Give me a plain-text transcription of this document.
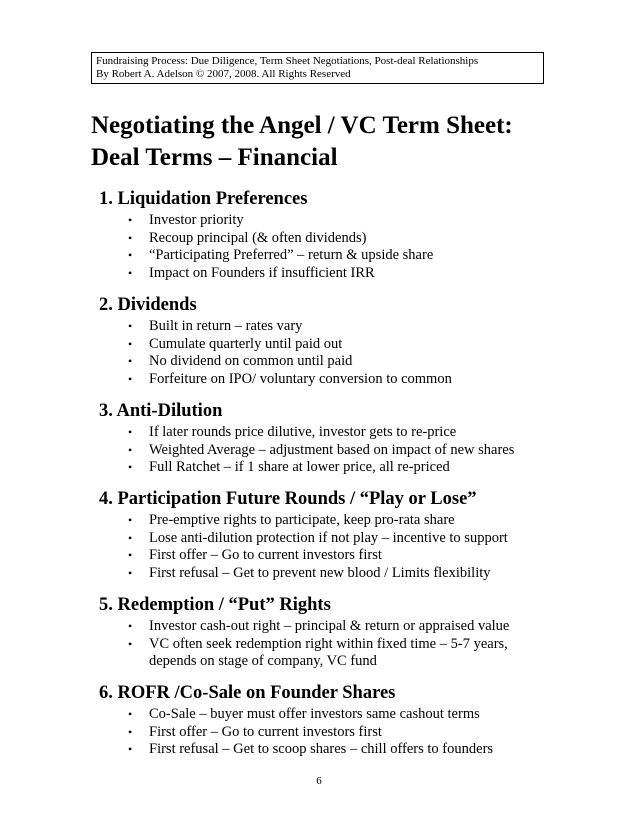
Fundraising Process: Due Diligence, Term Sheet Negotiations, Post-deal Relationships
By Robert A. Adelson © 2007, 2008. All Rights Reserved
Negotiating the Angel / VC Term Sheet:
Deal Terms – Financial
1. Liquidation Preferences
• Investor priority
• Recoup principal (& often dividends)
• “Participating Preferred” – return & upside share
• Impact on Founders if insufficient IRR
2. Dividends
• Built in return – rates vary
• Cumulate quarterly until paid out
• No dividend on common until paid
• Forfeiture on IPO/ voluntary conversion to common
3. Anti-Dilution
• If later rounds price dilutive, investor gets to re-price
• Weighted Average – adjustment based on impact of new shares
• Full Ratchet – if 1 share at lower price, all re-priced
4. Participation Future Rounds / “Play or Lose”
• Pre-emptive rights to participate, keep pro-rata share
• Lose anti-dilution protection if not play – incentive to support
• First offer – Go to current investors first
• First refusal – Get to prevent new blood / Limits flexibility
5. Redemption / “Put” Rights
• Investor cash-out right – principal & return or appraised value
• VC often seek redemption right within fixed time – 5-7 years,
depends on stage of company, VC fund
6. ROFR /Co-Sale on Founder Shares
• Co-Sale – buyer must offer investors same cashout terms
• First offer – Go to current investors first
• First refusal – Get to scoop shares – chill offers to founders
6
